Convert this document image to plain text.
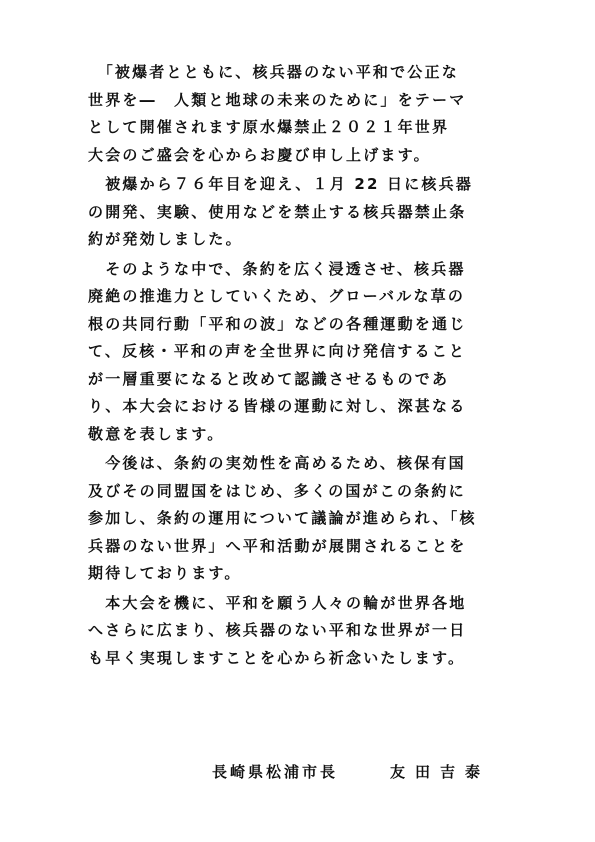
　「被爆者とともに、核兵器のない平和で公正な
世界を―　人類と地球の未来のために」をテーマ
として開催されます原水爆禁止２０２１年世界
大会のご盛会を心からお慶び申し上げます。
　被爆から７６年目を迎え、１月 22 日に核兵器
の開発、実験、使用などを禁止する核兵器禁止条
約が発効しました。
　そのような中で、条約を広く浸透させ、核兵器
廃絶の推進力としていくため、グローバルな草の
根の共同行動「平和の波」などの各種運動を通じ
て、反核・平和の声を全世界に向け発信すること
が一層重要になると改めて認識させるものであ
り、本大会における皆様の運動に対し、深甚なる
敬意を表します。
　今後は、条約の実効性を高めるため、核保有国
及びその同盟国をはじめ、多くの国がこの条約に
参加し、条約の運用について議論が進められ、「核
兵器のない世界」へ平和活動が展開されることを
期待しております。
　本大会を機に、平和を願う人々の輪が世界各地
へさらに広まり、核兵器のない平和な世界が一日
も早く実現しますことを心から祈念いたします。
長崎県松浦市長	友田吉泰
